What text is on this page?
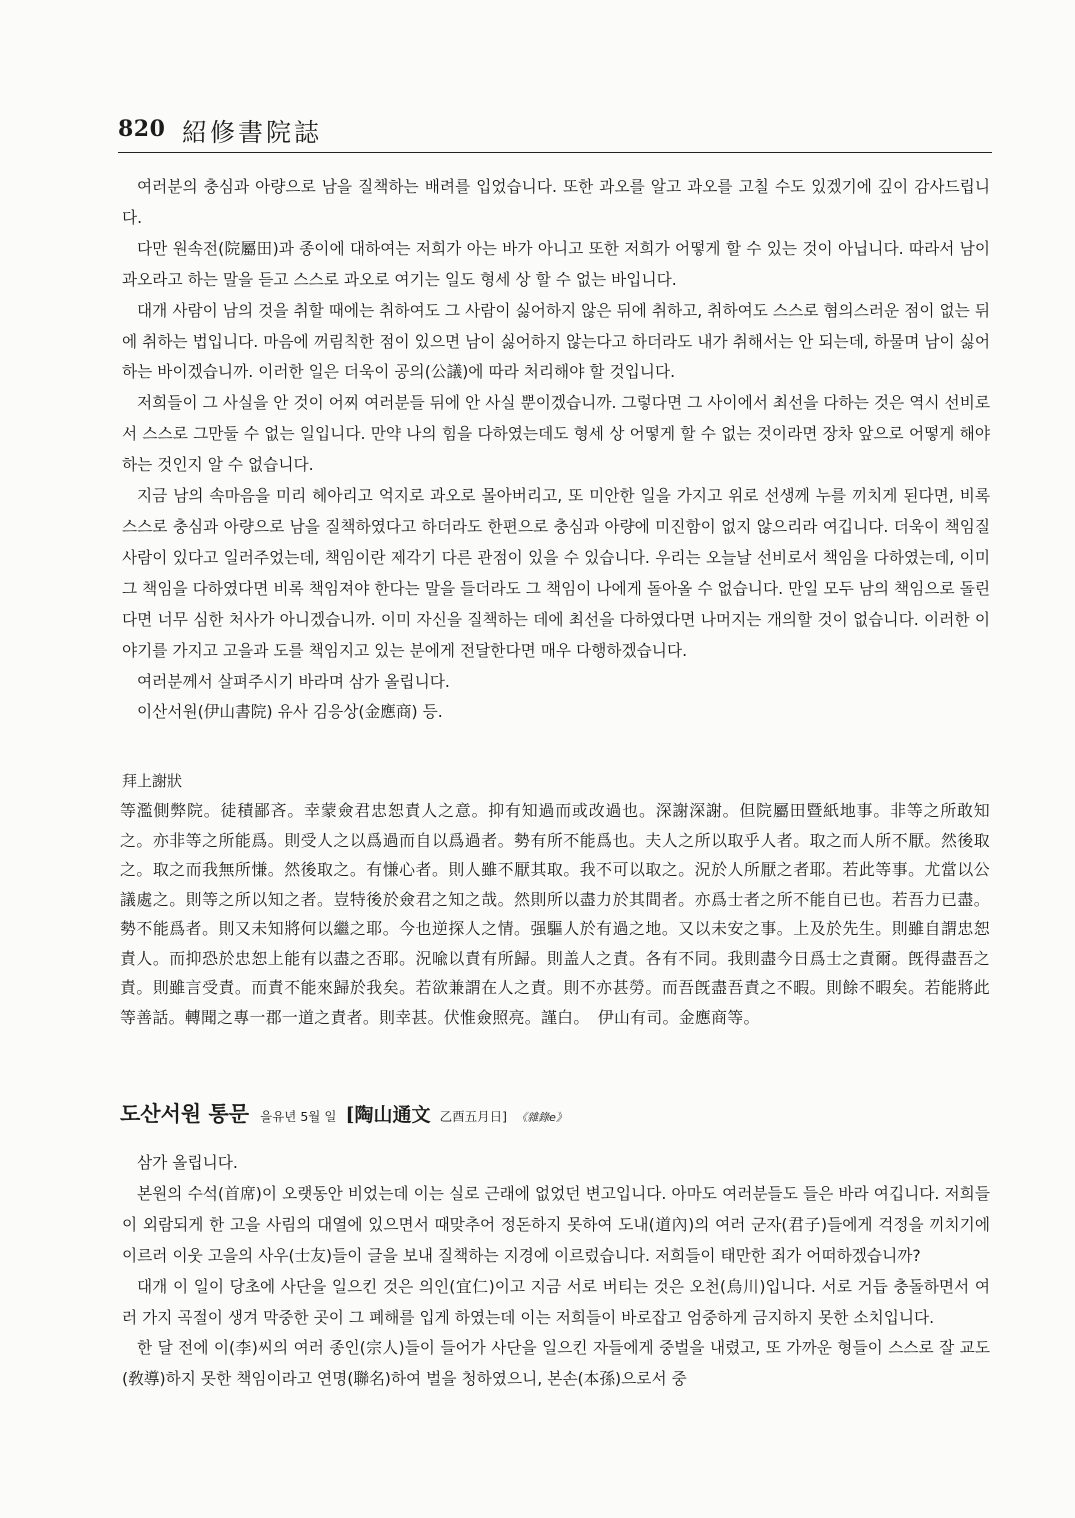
820 紹修書院誌

여러분의 충심과 아량으로 남을 질책하는 배려를 입었습니다. 또한 과오를 알고 과오를 고칠 수도 있겠기에 깊이 감사드립니다.

다만 원속전(院屬田)과 종이에 대하여는 저희가 아는 바가 아니고 또한 저희가 어떻게 할 수 있는 것이 아닙니다. 따라서 남이 과오라고 하는 말을 듣고 스스로 과오로 여기는 일도 형세 상 할 수 없는 바입니다.

대개 사람이 남의 것을 취할 때에는 취하여도 그 사람이 싫어하지 않은 뒤에 취하고, 취하여도 스스로 혐의스러운 점이 없는 뒤에 취하는 법입니다. 마음에 꺼림칙한 점이 있으면 남이 싫어하지 않는다고 하더라도 내가 취해서는 안 되는데, 하물며 남이 싫어하는 바이겠습니까. 이러한 일은 더욱이 공의(公議)에 따라 처리해야 할 것입니다.

저희들이 그 사실을 안 것이 어찌 여러분들 뒤에 안 사실 뿐이겠습니까. 그렇다면 그 사이에서 최선을 다하는 것은 역시 선비로서 스스로 그만둘 수 없는 일입니다. 만약 나의 힘을 다하였는데도 형세 상 어떻게 할 수 없는 것이라면 장차 앞으로 어떻게 해야 하는 것인지 알 수 없습니다.

지금 남의 속마음을 미리 헤아리고 억지로 과오로 몰아버리고, 또 미안한 일을 가지고 위로 선생께 누를 끼치게 된다면, 비록 스스로 충심과 아량으로 남을 질책하였다고 하더라도 한편으로 충심과 아량에 미진함이 없지 않으리라 여깁니다. 더욱이 책임질 사람이 있다고 일러주었는데, 책임이란 제각기 다른 관점이 있을 수 있습니다. 우리는 오늘날 선비로서 책임을 다하였는데, 이미 그 책임을 다하였다면 비록 책임져야 한다는 말을 들더라도 그 책임이 나에게 돌아올 수 없습니다. 만일 모두 남의 책임으로 돌린다면 너무 심한 처사가 아니겠습니까. 이미 자신을 질책하는 데에 최선을 다하였다면 나머지는 개의할 것이 없습니다. 이러한 이야기를 가지고 고을과 도를 책임지고 있는 분에게 전달한다면 매우 다행하겠습니다.

여러분께서 살펴주시기 바라며 삼가 올립니다.

이산서원(伊山書院) 유사 김응상(金應商) 등.

拜上謝狀

等濫側弊院。徒積鄙吝。幸蒙僉君忠恕責人之意。抑有知過而或改過也。深謝深謝。但院屬田暨紙地事。非等之所敢知之。亦非等之所能爲。則受人之以爲過而自以爲過者。勢有所不能爲也。夫人之所以取乎人者。取之而人所不厭。然後取之。取之而我無所慊。然後取之。有慊心者。則人雖不厭其取。我不可以取之。況於人所厭之者耶。若此等事。尤當以公議處之。則等之所以知之者。豈特後於僉君之知之哉。然則所以盡力於其間者。亦爲士者之所不能自已也。若吾力已盡。勢不能爲者。則又未知將何以繼之耶。今也逆探人之情。强驅人於有過之地。又以未安之事。上及於先生。則雖自謂忠恕責人。而抑恐於忠恕上能有以盡之否耶。況喩以責有所歸。則盖人之責。各有不同。我則盡今日爲士之責爾。旣得盡吾之責。則雖言受責。而責不能來歸於我矣。若欲兼謂在人之責。則不亦甚勞。而吾旣盡吾責之不暇。則餘不暇矣。若能將此等善話。轉聞之專一郡一道之責者。則幸甚。伏惟僉照亮。謹白。　伊山有司。金應商等。

도산서원 통문 을유년 5월 일 [陶山通文 乙酉五月日] 《雜錄e》

삼가 올립니다.

본원의 수석(首席)이 오랫동안 비었는데 이는 실로 근래에 없었던 변고입니다. 아마도 여러분들도 들은 바라 여깁니다. 저희들이 외람되게 한 고을 사림의 대열에 있으면서 때맞추어 정돈하지 못하여 도내(道內)의 여러 군자(君子)들에게 걱정을 끼치기에 이르러 이웃 고을의 사우(士友)들이 글을 보내 질책하는 지경에 이르렀습니다. 저희들이 태만한 죄가 어떠하겠습니까?

대개 이 일이 당초에 사단을 일으킨 것은 의인(宜仁)이고 지금 서로 버티는 것은 오천(烏川)입니다. 서로 거듭 충돌하면서 여러 가지 곡절이 생겨 막중한 곳이 그 폐해를 입게 하였는데 이는 저희들이 바로잡고 엄중하게 금지하지 못한 소치입니다.

한 달 전에 이(李)씨의 여러 종인(宗人)들이 들어가 사단을 일으킨 자들에게 중벌을 내렸고, 또 가까운 형들이 스스로 잘 교도(敎導)하지 못한 책임이라고 연명(聯名)하여 벌을 청하였으니, 본손(本孫)으로서 중
